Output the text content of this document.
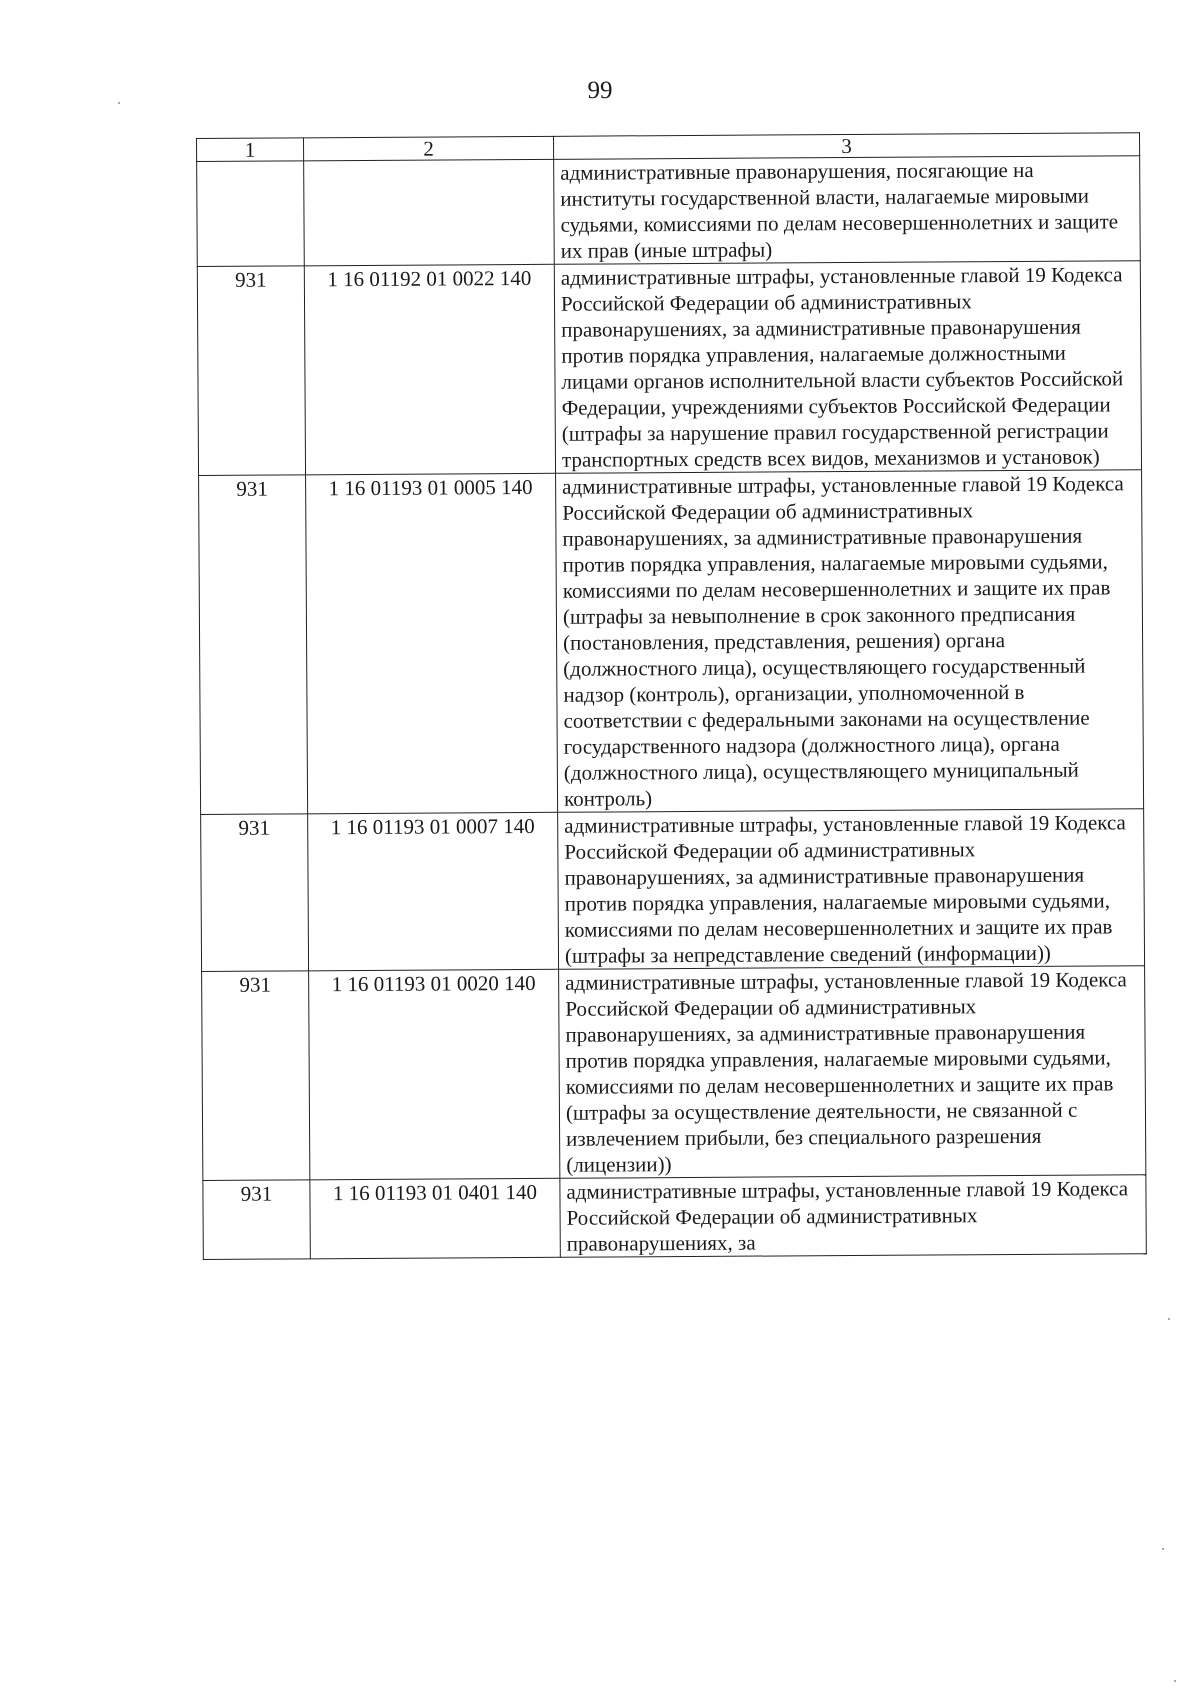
99
1	2	3
		административные правонарушения, посягающие на институты государственной власти, налагаемые мировыми судьями, комиссиями по делам несовершеннолетних и защите их прав (иные штрафы)
931	1 16 01192 01 0022 140	административные штрафы, установленные главой 19 Кодекса Российской Федерации об административных правонарушениях, за административные правонарушения против порядка управления, налагаемые должностными лицами органов исполнительной власти субъектов Российской Федерации, учреждениями субъектов Российской Федерации (штрафы за нарушение правил государственной регистрации транспортных средств всех видов, механизмов и установок)
931	1 16 01193 01 0005 140	административные штрафы, установленные главой 19 Кодекса Российской Федерации об административных правонарушениях, за административные правонарушения против порядка управления, налагаемые мировыми судьями, комиссиями по делам несовершеннолетних и защите их прав (штрафы за невыполнение в срок законного предписания (постановления, представления, решения) органа (должностного лица), осуществляющего государственный надзор (контроль), организации, уполномоченной в соответствии с федеральными законами на осуществление государственного надзора (должностного лица), органа (должностного лица), осуществляющего муниципальный контроль)
931	1 16 01193 01 0007 140	административные штрафы, установленные главой 19 Кодекса Российской Федерации об административных правонарушениях, за административные правонарушения против порядка управления, налагаемые мировыми судьями, комиссиями по делам несовершеннолетних и защите их прав (штрафы за непредставление сведений (информации))
931	1 16 01193 01 0020 140	административные штрафы, установленные главой 19 Кодекса Российской Федерации об административных правонарушениях, за административные правонарушения против порядка управления, налагаемые мировыми судьями, комиссиями по делам несовершеннолетних и защите их прав (штрафы за осуществление деятельности, не связанной с извлечением прибыли, без специального разрешения (лицензии))
931	1 16 01193 01 0401 140	административные штрафы, установленные главой 19 Кодекса Российской Федерации об административных правонарушениях, за
